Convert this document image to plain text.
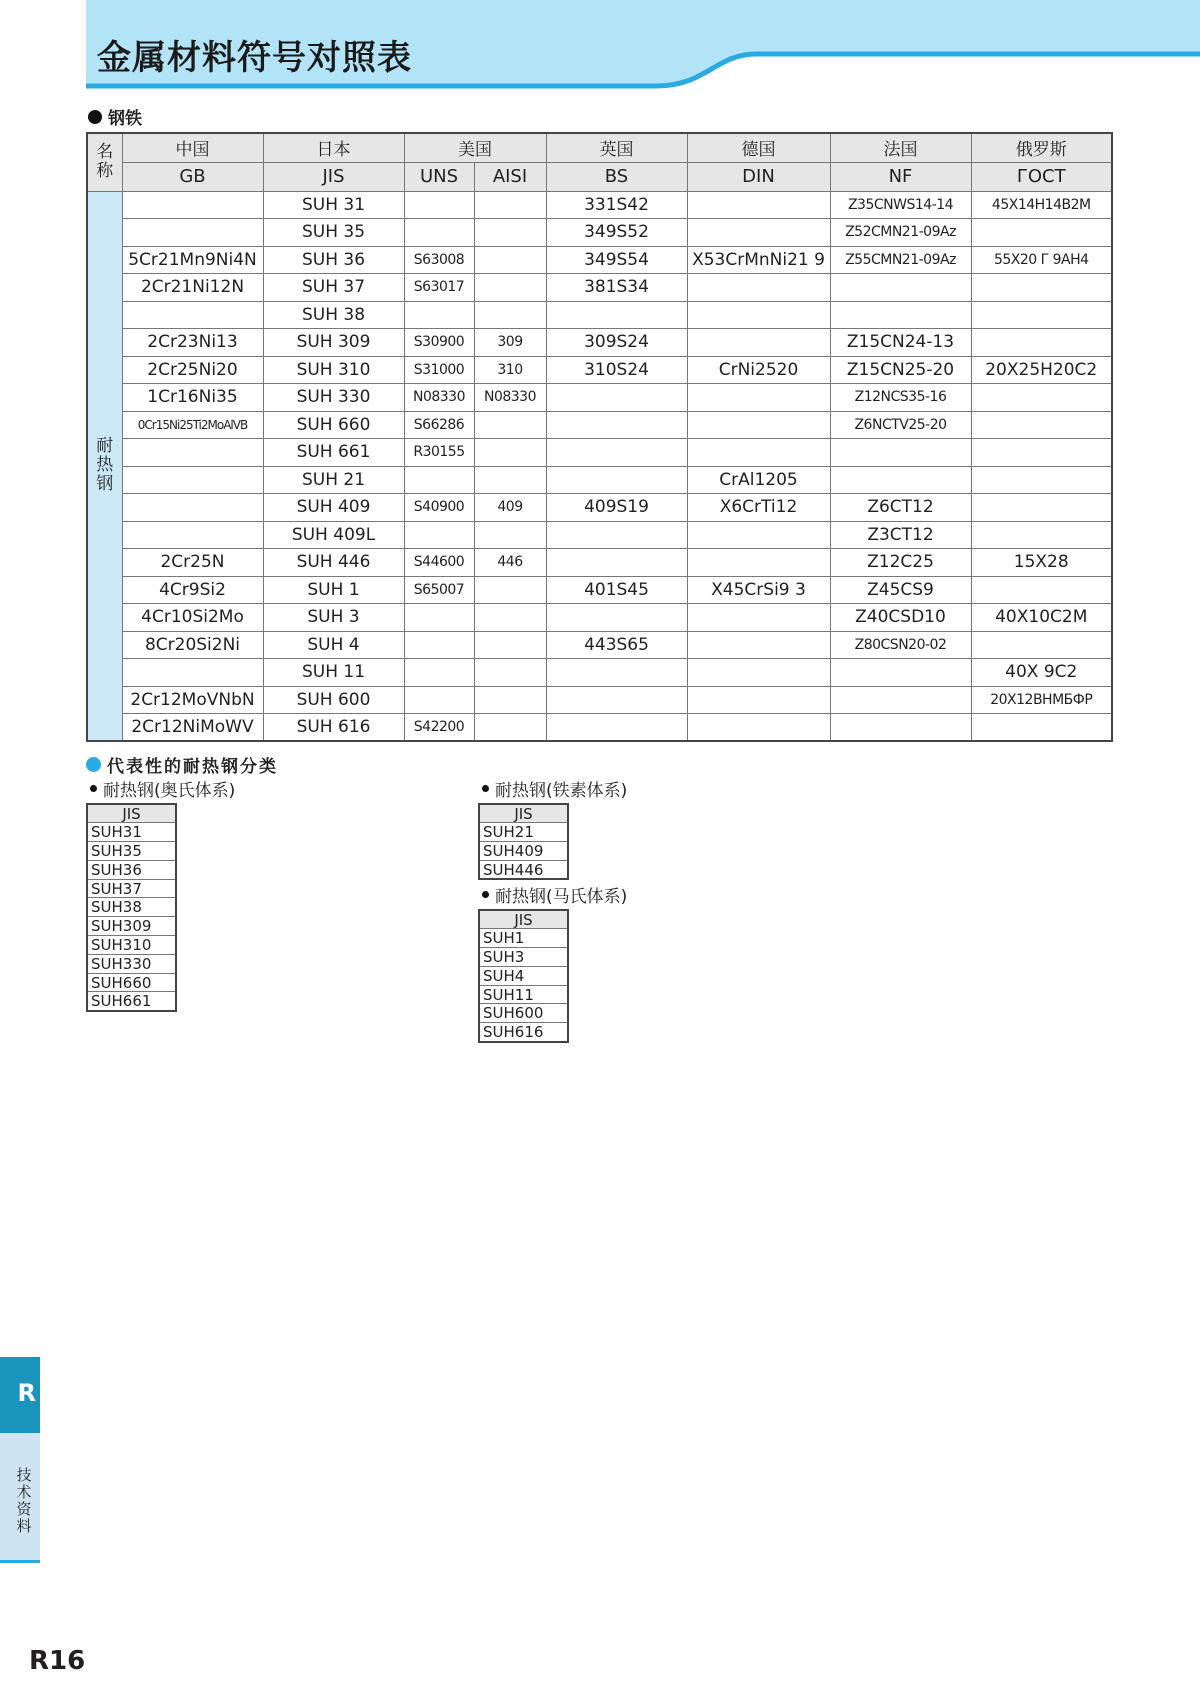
金属材料符号对照表
钢铁
名称	中国	日本	美国		英国	德国	法国	俄罗斯
	GB	JIS	UNS	AISI	BS	DIN	NF	ГОСТ

耐热钢		SUH 31			331S42		Z35CNWS14-14	45X14H14B2M
		SUH 35			349S52		Z52CMN21-09Az	
	5Cr21Mn9Ni4N	SUH 36	S63008		349S54	X53CrMnNi21 9	Z55CMN21-09Az	55X20 Г 9AH4
	2Cr21Ni12N	SUH 37	S63017		381S34			
		SUH 38						
	2Cr23Ni13	SUH 309	S30900	309	309S24		Z15CN24-13	
	2Cr25Ni20	SUH 310	S31000	310	310S24	CrNi2520	Z15CN25-20	20X25H20C2
	1Cr16Ni35	SUH 330	N08330	N08330			Z12NCS35-16	
	0Cr15Ni25Ti2MoAlVB	SUH 660	S66286				Z6NCTV25-20	
		SUH 661	R30155					
		SUH 21				CrAl1205		
		SUH 409	S40900	409	409S19	X6CrTi12	Z6CT12	
		SUH 409L					Z3CT12	
	2Cr25N	SUH 446	S44600	446			Z12C25	15X28
	4Cr9Si2	SUH 1	S65007		401S45	X45CrSi9 3	Z45CS9	
	4Cr10Si2Mo	SUH 3					Z40CSD10	40X10C2M
	8Cr20Si2Ni	SUH 4			443S65		Z80CSN20-02	
		SUH 11						40X 9C2
	2Cr12MoVNbN	SUH 600						20X12BHMБФP
	2Cr12NiMoWV	SUH 616	S42200					
代表性的耐热钢分类
耐热钢(奥氏体系)
JIS
SUH31
SUH35
SUH36
SUH37
SUH38
SUH309
SUH310
SUH330
SUH660
SUH661
耐热钢(铁素体系)
JIS
SUH21
SUH409
SUH446
耐热钢(马氏体系)
JIS
SUH1
SUH3
SUH4
SUH11
SUH600
SUH616
R
技术资料
R16
